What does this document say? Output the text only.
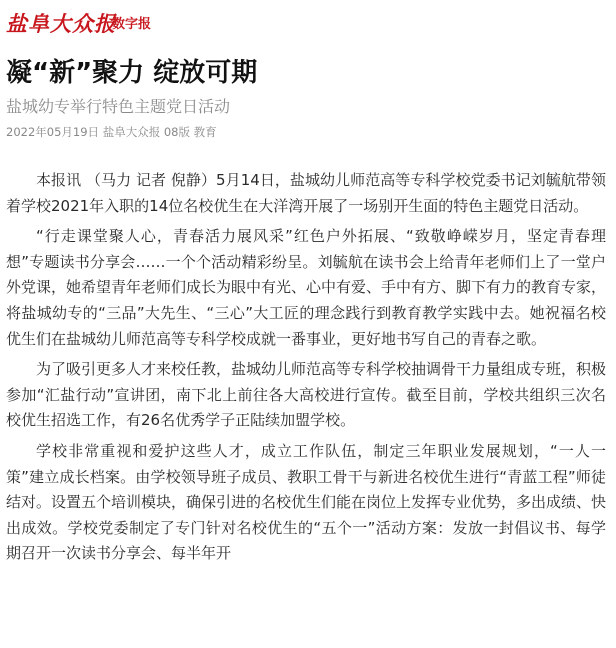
盐阜大众报
数字报
凝“新”聚力 绽放可期
盐城幼专举行特色主题党日活动
2022年05月19日 盐阜大众报 08版 教育

本报讯 （马力 记者 倪静）5月14日，盐城幼儿师范高等专科学校党委书记刘毓航带领着学校2021年入职的14位名校优生在大洋湾开展了一场别开生面的特色主题党日活动。

“行走课堂聚人心，青春活力展风采”红色户外拓展、“致敬峥嵘岁月，坚定青春理想”专题读书分享会……一个个活动精彩纷呈。刘毓航在读书会上给青年老师们上了一堂户外党课，她希望青年老师们成长为眼中有光、心中有爱、手中有方、脚下有力的教育专家，将盐城幼专的“三品”大先生、“三心”大工匠的理念践行到教育教学实践中去。她祝福名校优生们在盐城幼儿师范高等专科学校成就一番事业，更好地书写自己的青春之歌。

为了吸引更多人才来校任教，盐城幼儿师范高等专科学校抽调骨干力量组成专班，积极参加“汇盐行动”宣讲团，南下北上前往各大高校进行宣传。截至目前，学校共组织三次名校优生招选工作，有26名优秀学子正陆续加盟学校。

学校非常重视和爱护这些人才，成立工作队伍，制定三年职业发展规划，“一人一策”建立成长档案。由学校领导班子成员、教职工骨干与新进名校优生进行“青蓝工程”师徒结对。设置五个培训模块，确保引进的名校优生们能在岗位上发挥专业优势，多出成绩、快出成效。学校党委制定了专门针对名校优生的“五个一”活动方案：发放一封倡议书、每学期召开一次读书分享会、每半年开
